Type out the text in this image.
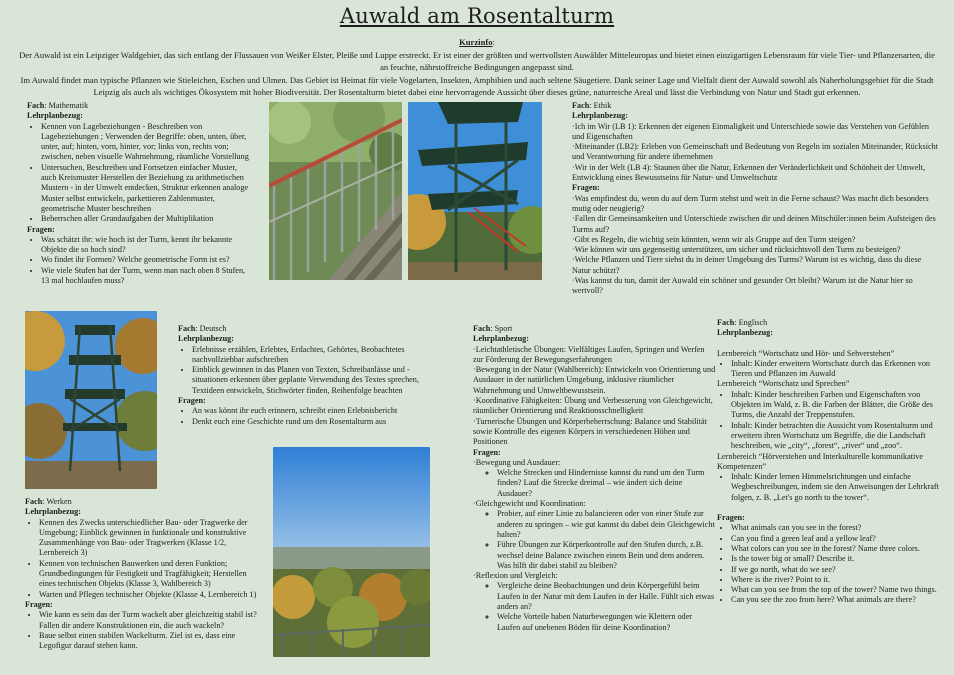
Auwald am Rosentalturm
Kurzinfo:

Der Auwald ist ein Leipziger Waldgebiet, das sich entlang der Flussauen von Weißer Elster, Pleiße und Luppe erstreckt. Er ist einer der größten und wertvollsten Auwälder Mitteleuropas und bietet einen einzigartigen Lebensraum für viele Tier- und Pflanzenarten, die an feuchte, nährstoffreiche Bedingungen angepasst sind.

Im Auwald findet man typische Pflanzen wie Stieleichen, Eschen und Ulmen. Das Gebiet ist Heimat für viele Vogelarten, Insekten, Amphibien und auch seltene Säugetiere. Dank seiner Lage und Vielfalt dient der Auwald sowohl als Naherholungsgebiet für die Stadt Leipzig als auch als wichtiges Ökosystem mit hoher Biodiversität. Der Rosentalturm bietet dabei eine hervorragende Aussicht über dieses grüne, naturreiche Areal und lässt die Verbindung von Natur und Stadt gut erkennen.

Fach: Mathematik
Lehrplanbezug:
• Kennen von Lagebeziehungen - Beschreiben von Lagebeziehungen ; Verwenden der Begriffe: oben, unten, über, unter, auf; hinten, vorn, hinter, vor; links von, rechts von; zwischen, neben visuelle Wahrnehmung, räumliche Vorstellung
• Untersuchen, Beschreiben und Fortsetzen einfacher Muster, auch Kreismuster Herstellen der Beziehung zu arithmetischen Mustern - in der Umwelt entdecken, Struktur erkennen analoge Muster selbst entwickeln, parkettieren Zahlenmuster, geometrische Muster beschreiben
• Beherrschen aller Grundaufgaben der Multiplikation
Fragen:
• Was schätzt ihr: wie hoch ist der Turm, kennt ihr bekannte Objekte die so hoch sind?
• Wo findet ihr Formen? Welche geometrische Form ist es?
• Wie viele Stufen hat der Turm, wenn man nach oben 8 Stufen, 13 mal hochlaufen muss?
Fach: Ethik
Lehrplanbezug:
·Ich im Wir (LB 1): Erkennen der eigenen Einmaligkeit und Unterschiede sowie das Verstehen von Gefühlen und Eigenschaften
·Miteinander (LB2): Erleben von Gemeinschaft und Bedeutung von Regeln im sozialen Miteinander, Rücksicht und Verantwortung für andere übernehmen
·Wir in der Welt (LB 4): Staunen über die Natur, Erkennen der Veränderlichkeit und Schönheit der Umwelt, Entwicklung eines Bewusstseins für Natur- und Umweltschutz
Fragen:
·Was empfindest du, wenn du auf dem Turm stehst und weit in die Ferne schaust? Was macht dich besonders mutig oder neugierig?
·Fallen dir Gemeinsamkeiten und Unterschiede zwischen dir und deinen Mitschüler:innen beim Aufsteigen des Turms auf?
·Gibt es Regeln, die wichtig sein könnten, wenn wir als Gruppe auf den Turm steigen?
·Wie können wir uns gegenseitig unterstützen, um sicher und rücksichtsvoll den Turm zu besteigen?
·Welche Pflanzen und Tiere siehst du in deiner Umgebung des Turms? Warum ist es wichtig, dass du diese Natur schützt?
·Was kannst du tun, damit der Auwald ein schöner und gesunder Ort bleibt? Warum ist die Natur hier so wertvoll?
Fach: Deutsch
Lehrplanbezug:
• Erlebnisse erzählen, Erlebtes, Erdachtes, Gehörtes, Beobachtetes nachvollziehbar aufschreiben
• Einblick gewinnen in das Planen von Texten, Schreibanlässe und -situationen erkennen über geplante Verwendung des Textes sprechen, Textideen entwickeln, Stichwörter finden, Reihenfolge beachten
Fragen:
• An was könnt ihr euch erinnern, schreibt einen Erlebnisbericht
• Denkt euch eine Geschichte rund um den Rosentalturm aus
Fach: Sport
Lehrplanbezug:
·Leichtathletische Übungen: Vielfältiges Laufen, Springen und Werfen zur Förderung der Bewegungserfahrungen
·Bewegung in der Natur (Wahlbereich): Entwickeln von Orientierung und Ausdauer in der natürlichen Umgebung, inklusive räumlicher Wahrnehmung und Umweltbewusstsein.
·Koordinative Fähigkeiten: Übung und Verbesserung von Gleichgewicht, räumlicher Orientierung und Reaktionsschnelligkeit
·Turnerische Übungen und Körperbeherrschung: Balance und Stabilität sowie Kontrolle des eigenen Körpers in verschiedenen Höhen und Positionen
Fragen:
·Bewegung und Ausdauer:
◦ Welche Strecken und Hindernisse kannst du rund um den Turm finden? Lauf die Strecke dreimal – wie ändert sich deine Ausdauer?
·Gleichgewicht und Koordination:
◦ Probier, auf einer Linie zu balancieren oder von einer Stufe zur anderen zu springen – wie gut kannst du dabei dein Gleichgewicht halten?
◦ Führe Übungen zur Körperkontrolle auf den Stufen durch, z.B. wechsel deine Balance zwischen einem Bein und dem anderen. Was hilft dir dabei stabil zu bleiben?
·Reflexion und Vergleich:
◦ Vergleiche deine Beobachtungen und dein Körpergefühl beim Laufen in der Natur mit dem Laufen in der Halle. Fühlt sich etwas anders an?
◦ Welche Vorteile haben Naturbewegungen wie Klettern oder Laufen auf unebenen Böden für deine Koordination?
Fach: Englisch
Lehrplanbezug:
Lernbereich “Wortschatz und Hör- und Sehverstehen”
• Inhalt: Kinder erweitern Wortschatz durch das Erkennen von Tieren und Pflanzen im Auwald
Lernbereich “Wortschatz und Sprechen”
• Inhalt: Kinder beschreiben Farben und Eigenschaften von Objekten im Wald, z. B. die Farben der Blätter, die Größe des Turms, die Anzahl der Treppenstufen.
• Inhalt: Kinder betrachten die Aussicht vom Rosentalturm und erweitern ihren Wortschatz um Begriffe, die die Landschaft beschreiben, wie „city“, „forest“, „river“ und „zoo“.
Lernbereich “Hörverstehen und Interkulturelle kommunikative Kompetenzen”
• Inhalt: Kinder lernen Himmelsrichtungen und einfache Wegbeschreibungen, indem sie den Anweisungen der Lehrkraft folgen, z. B. „Let's go north to the tower“.
Fragen:
• What animals can you see in the forest?
• Can you find a green leaf and a yellow leaf?
• What colors can you see in the forest? Name three colors.
• Is the tower big or small? Describe it.
• If we go north, what do we see?
• Where is the river? Point to it.
• What can you see from the top of the tower? Name two things.
• Can you see the zoo from here? What animals are there?
Fach: Werken
Lehrplanbezug:
• Kennen des Zwecks unterschiedlicher Bau- oder Tragwerke der Umgebung; Einblick gewinnen in funktionale und konstruktive Zusammenhänge von Bau- oder Tragwerken (Klasse 1/2, Lernbereich 3)
• Kennen von technischen Bauwerken und deren Funktion; Grundbedingungen für Festigkeit und Tragfähigkeit; Herstellen eines technischen Objekts (Klasse 3, Wahlbereich 3)
• Warten und Pflegen technischer Objekte (Klasse 4, Lernbereich 1)
Fragen:
• Wie kann es sein das der Turm wackelt aber gleichzeitig stabil ist? Fallen dir andere Konstruktionen ein, die auch wackeln?
• Baue selbst einen stabilen Wackelturm. Ziel ist es, dass eine Legofigur darauf stehen kann.
